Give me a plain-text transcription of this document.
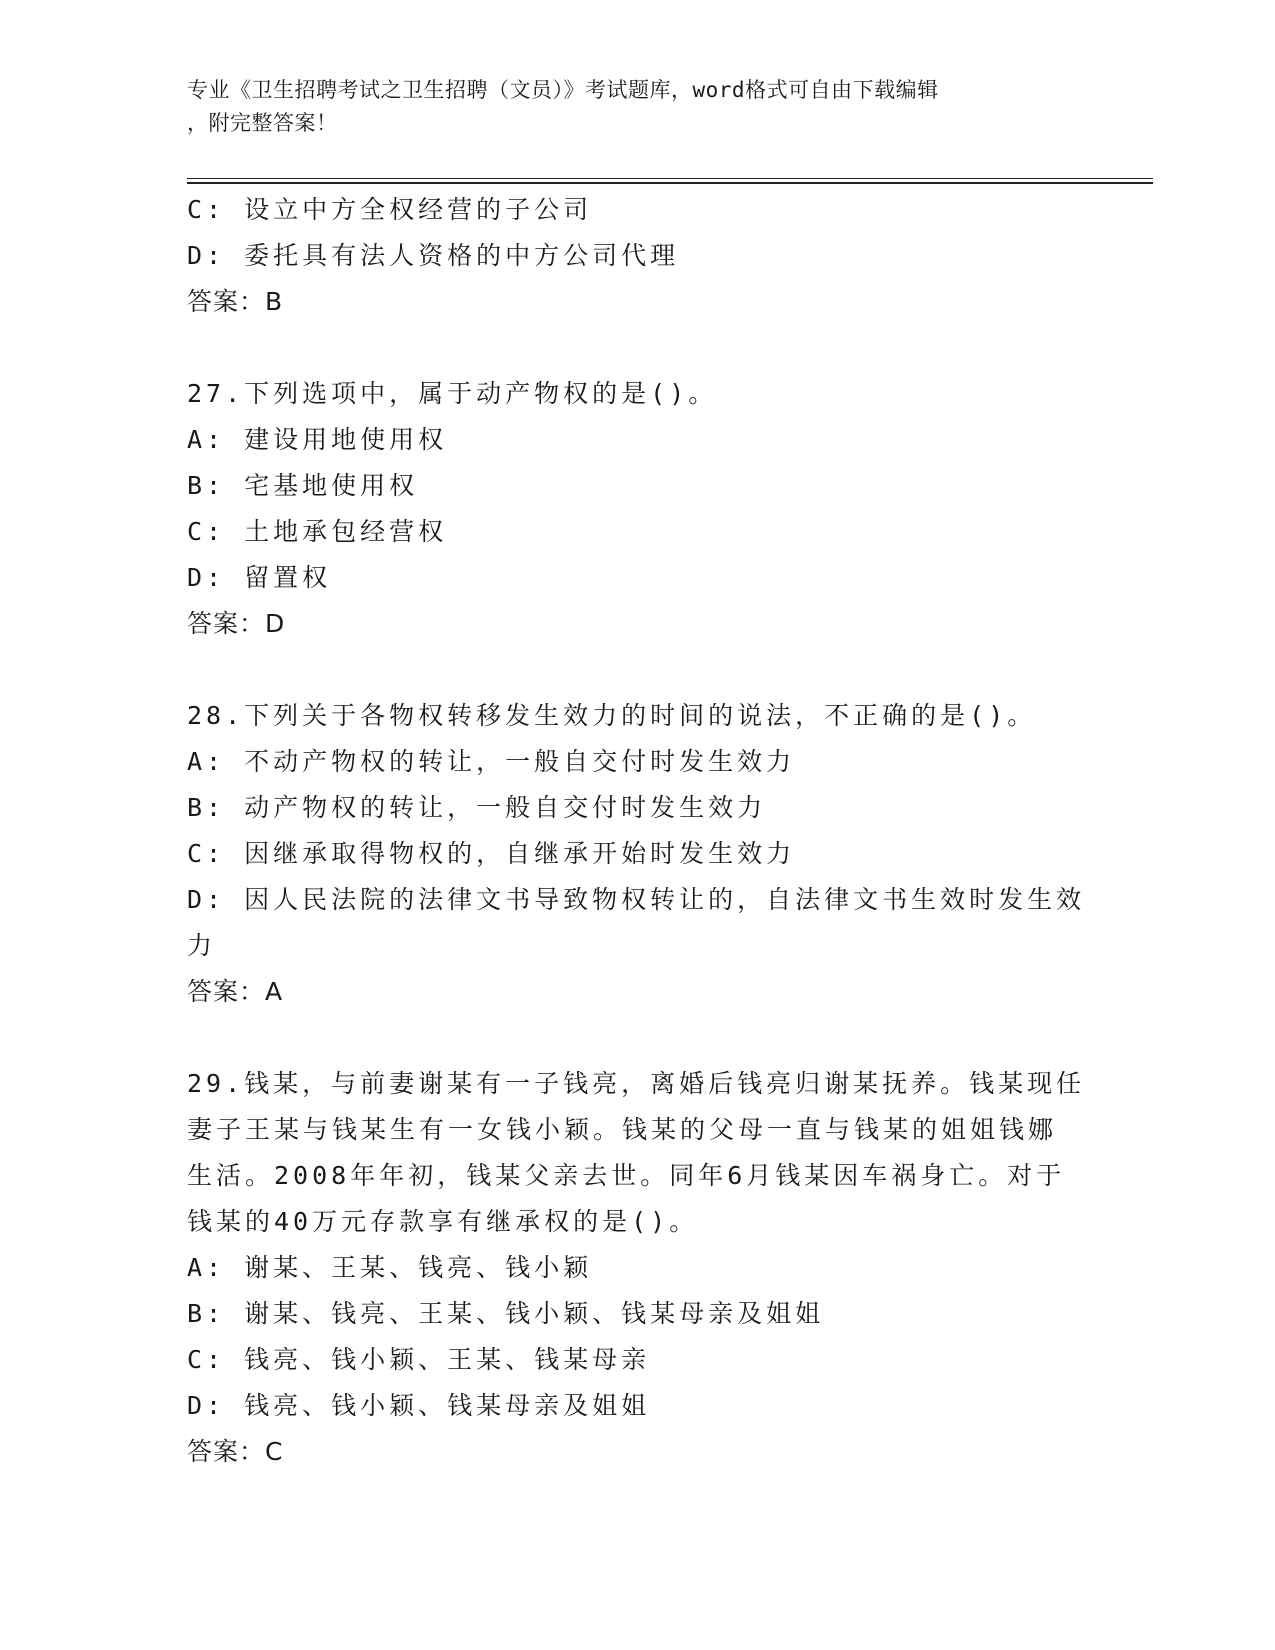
专业《卫生招聘考试之卫生招聘（文员）》考试题库，word格式可自由下载编辑
，附完整答案！
C: 设立中方全权经营的子公司
D: 委托具有法人资格的中方公司代理
答案：B
27.下列选项中，属于动产物权的是()。
A: 建设用地使用权
B: 宅基地使用权
C: 土地承包经营权
D: 留置权
答案：D
28.下列关于各物权转移发生效力的时间的说法，不正确的是()。
A: 不动产物权的转让，一般自交付时发生效力
B: 动产物权的转让，一般自交付时发生效力
C: 因继承取得物权的，自继承开始时发生效力
D: 因人民法院的法律文书导致物权转让的，自法律文书生效时发生效
力
答案：A
29.钱某，与前妻谢某有一子钱亮，离婚后钱亮归谢某抚养。钱某现任
妻子王某与钱某生有一女钱小颖。钱某的父母一直与钱某的姐姐钱娜
生活。2008年年初，钱某父亲去世。同年6月钱某因车祸身亡。对于
钱某的40万元存款享有继承权的是()。
A: 谢某、王某、钱亮、钱小颖
B: 谢某、钱亮、王某、钱小颖、钱某母亲及姐姐
C: 钱亮、钱小颖、王某、钱某母亲
D: 钱亮、钱小颖、钱某母亲及姐姐
答案：C
